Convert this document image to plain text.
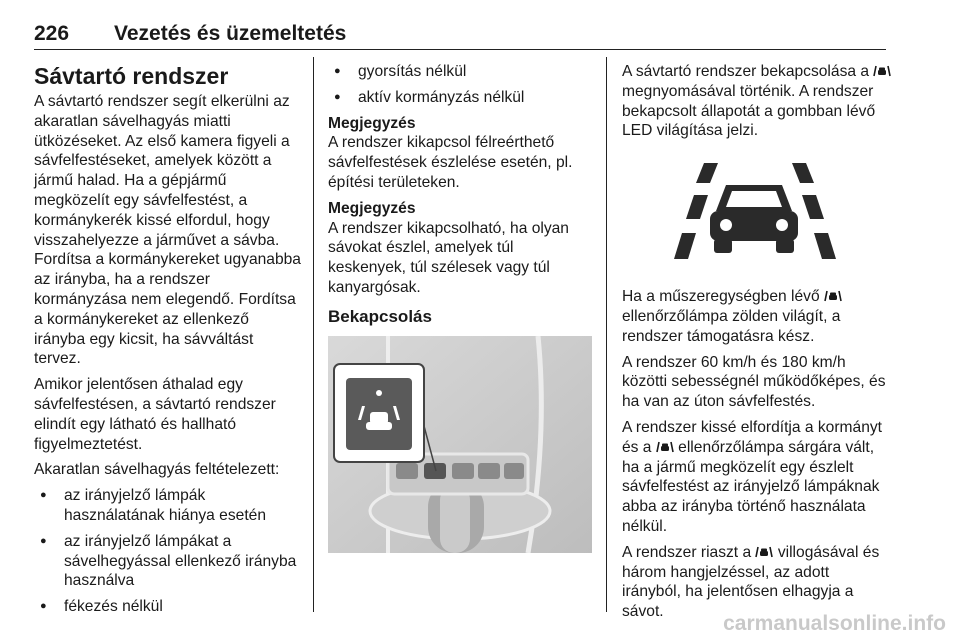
226 Vezetés és üzemeltetés
Sávtartó rendszer

A sávtartó rendszer segít elkerülni az akaratlan sávelhagyás miatti ütközéseket. Az első kamera figyeli a sávfelfestéseket, amelyek között a jármű halad. Ha a gépjármű megközelít egy sávfelfestést, a kormánykerék kissé elfordul, hogy visszahelyezze a járművet a sávba. Fordítsa a kormánykereket ugyanabba az irányba, ha a rendszer kormányzása nem elegendő. Fordítsa a kormánykereket az ellenkező irányba egy kicsit, ha sávváltást tervez.

Amikor jelentősen áthalad egy sávfelfestésen, a sávtartó rendszer elindít egy látható és hallható figyelmeztetést.

Akaratlan sávelhagyás feltételezett:

● az irányjelző lámpák használatának hiánya esetén
● az irányjelző lámpákat a sávelhegyással ellenkező irányba használva
● fékezés nélkül
● gyorsítás nélkül
● aktív kormányzás nélkül
Megjegyzés

A rendszer kikapcsol félreérthető sávfelfestések észlelése esetén, pl. építési területeken.

Megjegyzés

A rendszer kikapcsolható, ha olyan sávokat észlel, amelyek túl keskenyek, túl szélesek vagy túl kanyargósak.

Bekapcsolás

A sávtartó rendszer bekapcsolása a  megnyomásával történik. A rendszer bekapcsolt állapotát a gombban lévő LED világítása jelzi.

Ha a műszeregységben lévő  ellenőrzőlámpa zölden világít, a rendszer támogatásra kész.

A rendszer 60 km/h és 180 km/h közötti sebességnél működőképes, és ha van az úton sávfelfestés.

A rendszer kissé elfordítja a kormányt és a ellenőrzőlámpa sárgára vált, ha a jármű megközelít egy észlelt sávfelfestést az irányjelző lámpáknak abba az irányba történő használata nélkül.

A rendszer riaszt a villogásával és három hangjelzéssel, az adott irányból, ha jelentősen elhagyja a sávot.

carmanualsonline.info
